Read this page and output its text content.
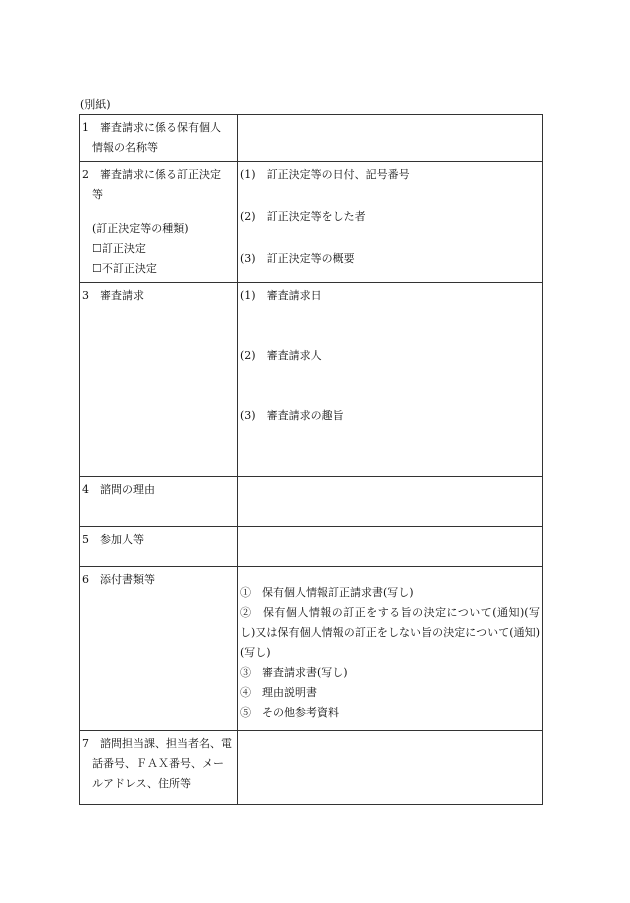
(別紙)
1　審査請求に係る保有個人
情報の名称等	

2　審査請求に係る訂正決定
等
(訂正決定等の種類)
☐訂正決定
☐不訂正決定	(1)　訂正決定等の日付、記号番号
(2)　訂正決定等をした者
(3)　訂正決定等の概要

3　審査請求	(1)　審査請求日
(2)　審査請求人
(3)　審査請求の趣旨

4　諮問の理由	

5　参加人等	

6　添付書類等	①　保有個人情報訂正請求書(写し)
②　保有個人情報の訂正をする旨の決定について(通知)(写し)又は保有個人情報の訂正をしない旨の決定について(通知)(写し)
③　審査請求書(写し)
④　理由説明書
⑤　その他参考資料

7　諮問担当課、担当者名、電
話番号、ＦＡＸ番号、メー
ルアドレス、住所等	
